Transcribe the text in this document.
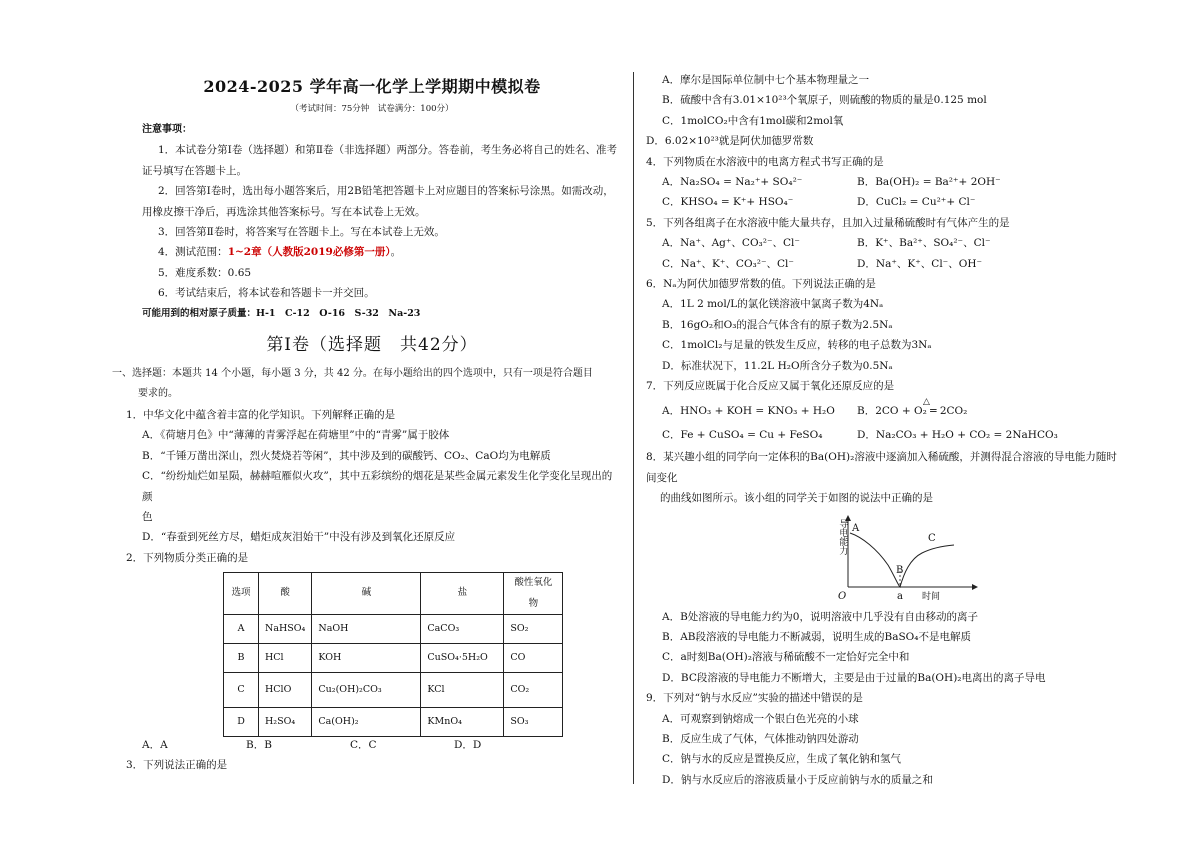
2024-2025 学年高一化学上学期期中模拟卷
（考试时间：75分钟　试卷满分：100分）
注意事项：
1．本试卷分第Ⅰ卷（选择题）和第Ⅱ卷（非选择题）两部分。答卷前，考生务必将自己的姓名、准考证号填写在答题卡上。
2．回答第Ⅰ卷时，选出每小题答案后，用2B铅笔把答题卡上对应题目的答案标号涂黑。如需改动，用橡皮擦干净后，再选涂其他答案标号。写在本试卷上无效。
3．回答第Ⅱ卷时，将答案写在答题卡上。写在本试卷上无效。
4．测试范围：1~2章（人教版2019必修第一册）。
5．难度系数：0.65
6．考试结束后，将本试卷和答题卡一并交回。
可能用到的相对原子质量：H-1　C-12　O-16　S-32　Na-23
第Ⅰ卷（选择题　共42分）
一、选择题：本题共 14 个小题，每小题 3 分，共 42 分。在每小题给出的四个选项中，只有一项是符合题目
要求的。
1．中华文化中蕴含着丰富的化学知识。下列解释正确的是
A．《荷塘月色》中“薄薄的青雾浮起在荷塘里”中的“青雾”属于胶体
B．“千锤万凿出深山，烈火焚烧若等闲”，其中涉及到的碳酸钙、CO₂、CaO均为电解质
C．“纷纷灿烂如星陨，赫赫喧雁似火攻”，其中五彩缤纷的烟花是某些金属元素发生化学变化呈现出的颜
色
D．“春蚕到死丝方尽，蜡炬成灰泪始干”中没有涉及到氧化还原反应
2．下列物质分类正确的是
选项	酸	碱	盐	酸性氧化物
A	NaHSO₄	NaOH	CaCO₃	SO₂
B	HCl	KOH	CuSO₄·5H₂O	CO
C	HClO	Cu₂(OH)₂CO₃	KCl	CO₂
D	H₂SO₄	Ca(OH)₂	KMnO₄	SO₃
A．A	B．B	C．C	D．D
3．下列说法正确的是
A．摩尔是国际单位制中七个基本物理量之一
B．硫酸中含有3.01×10²³个氧原子，则硫酸的物质的量是0.125 mol
C．1molCO₂中含有1mol碳和2mol氧
D．6.02×10²³就是阿伏加德罗常数
4．下列物质在水溶液中的电离方程式书写正确的是
A．Na₂SO₄ = Na₂⁺+ SO₄²⁻	B．Ba(OH)₂ = Ba²⁺+ 2OH⁻
C．KHSO₄ = K⁺+ HSO₄⁻	D．CuCl₂ = Cu²⁺+ Cl⁻
5．下列各组离子在水溶液中能大量共存，且加入过量稀硫酸时有气体产生的是
A．Na⁺、Ag⁺、CO₃²⁻、Cl⁻	B．K⁺、Ba²⁺、SO₄²⁻、Cl⁻
C．Na⁺、K⁺、CO₃²⁻、Cl⁻	D．Na⁺、K⁺、Cl⁻、OH⁻
6．Nₐ为阿伏加德罗常数的值。下列说法正确的是
A．1L 2 mol/L的氯化镁溶液中氯离子数为4Nₐ
B．16gO₂和O₃的混合气体含有的原子数为2.5Nₐ
C．1molCl₂与足量的铁发生反应，转移的电子总数为3Nₐ
D．标准状况下，11.2L H₂O所含分子数为0.5Nₐ
7．下列反应既属于化合反应又属于氧化还原反应的是
A．HNO₃ + KOH = KNO₃ + H₂O	B．2CO + O₂ ═ 2CO₂
△
C．Fe + CuSO₄ = Cu + FeSO₄	D．Na₂CO₃ + H₂O + CO₂ = 2NaHCO₃
8．某兴趣小组的同学向一定体积的Ba(OH)₂溶液中逐滴加入稀硫酸，并测得混合溶液的导电能力随时间变化
的曲线如图所示。该小组的同学关于如图的说法中正确的是
导电能力
O
A
B
C
a 时间
A．B处溶液的导电能力约为0，说明溶液中几乎没有自由移动的离子
B．AB段溶液的导电能力不断减弱，说明生成的BaSO₄不是电解质
C．a时刻Ba(OH)₂溶液与稀硫酸不一定恰好完全中和
D．BC段溶液的导电能力不断增大，主要是由于过量的Ba(OH)₂电离出的离子导电
9．下列对“钠与水反应”实验的描述中错误的是
A．可观察到钠熔成一个银白色光亮的小球
B．反应生成了气体，气体推动钠四处游动
C．钠与水的反应是置换反应，生成了氧化钠和氢气
D．钠与水反应后的溶液质量小于反应前钠与水的质量之和
